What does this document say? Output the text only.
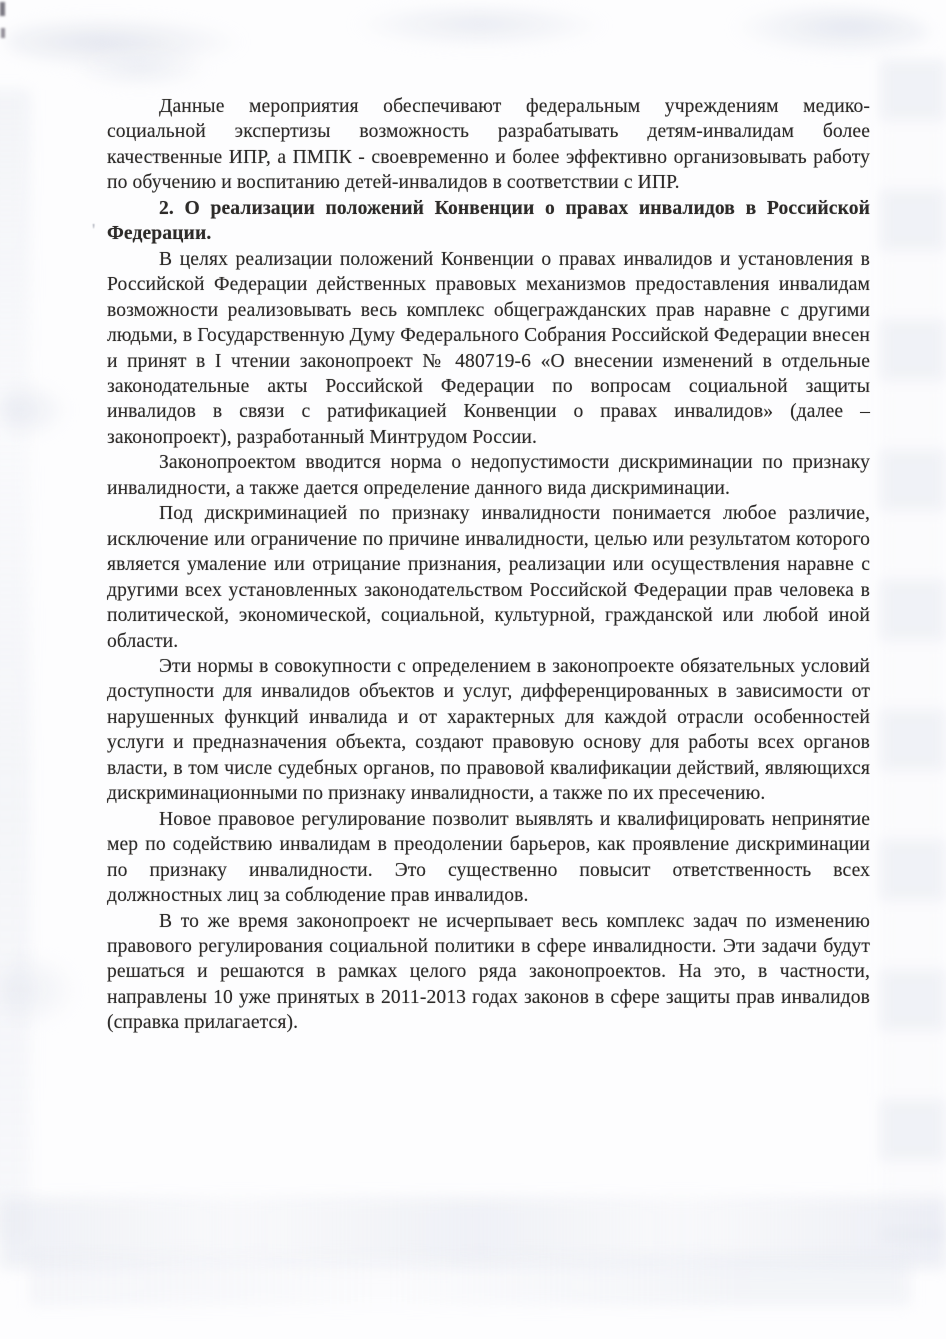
'

Данные мероприятия обеспечивают федеральным учреждениям медико-социальной экспертизы возможность разрабатывать детям-инвалидам более качественные ИПР, а ПМПК - своевременно и более эффективно организовывать работу по обучению и воспитанию детей-инвалидов в соответствии с ИПР.

2. О реализации положений Конвенции о правах инвалидов в Российской Федерации.

В целях реализации положений Конвенции о правах инвалидов и установления в Российской Федерации действенных правовых механизмов предоставления инвалидам возможности реализовывать весь комплекс общегражданских прав наравне с другими людьми, в Государственную Думу Федерального Собрания Российской Федерации внесен и принят в I чтении законопроект № 480719-6 «О внесении изменений в отдельные законодательные акты Российской Федерации по вопросам социальной защиты инвалидов в связи с ратификацией Конвенции о правах инвалидов» (далее – законопроект), разработанный Минтрудом России.

Законопроектом вводится норма о недопустимости дискриминации по признаку инвалидности, а также дается определение данного вида дискриминации.

Под дискриминацией по признаку инвалидности понимается любое различие, исключение или ограничение по причине инвалидности, целью или результатом которого является умаление или отрицание признания, реализации или осуществления наравне с другими всех установленных законодательством Российской Федерации прав человека в политической, экономической, социальной, культурной, гражданской или любой иной области.

Эти нормы в совокупности с определением в законопроекте обязательных условий доступности для инвалидов объектов и услуг, дифференцированных в зависимости от нарушенных функций инвалида и от характерных для каждой отрасли особенностей услуги и предназначения объекта, создают правовую основу для работы всех органов власти, в том числе судебных органов, по правовой квалификации действий, являющихся дискриминационными по признаку инвалидности, а также по их пресечению.

Новое правовое регулирование позволит выявлять и квалифицировать непринятие мер по содействию инвалидам в преодолении барьеров, как проявление дискриминации по признаку инвалидности. Это существенно повысит ответственность всех должностных лиц за соблюдение прав инвалидов.

В то же время законопроект не исчерпывает весь комплекс задач по изменению правового регулирования социальной политики в сфере инвалидности. Эти задачи будут решаться и решаются в рамках целого ряда законопроектов. На это, в частности, направлены 10 уже принятых в 2011-2013 годах законов в сфере защиты прав инвалидов (справка прилагается).
